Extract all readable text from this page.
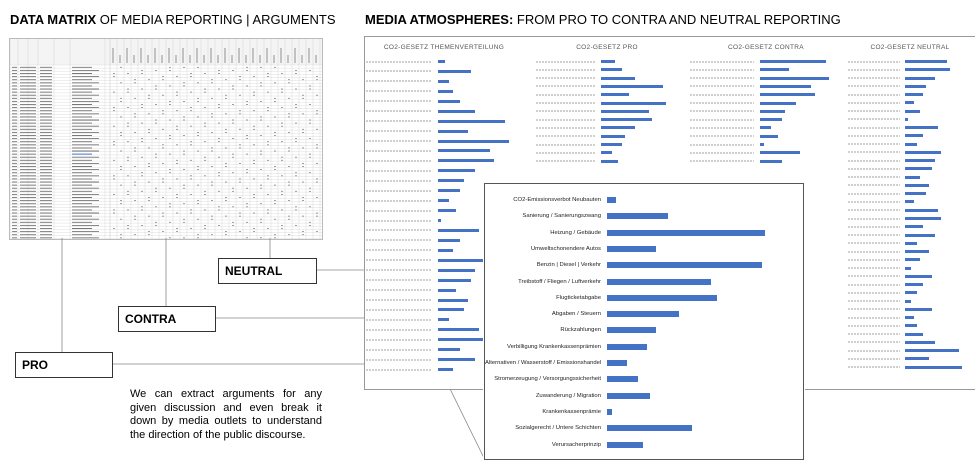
DATA MATRIX OF MEDIA REPORTING | ARGUMENTS MEDIA ATMOSPHERES: FROM PRO TO CONTRA AND NEUTRAL REPORTING
NEUTRAL
CONTRA
PRO
We can extract arguments for any given discussion and even break it down by media outlets to understand the direction of the public discourse.
CO2-GESETZ THEMENVERTEILUNG	CO2-GESETZ PRO	CO2-GESETZ CONTRA	CO2-GESETZ NEUTRAL
CO2-Emissionsverbot Neubauten
Sanierung / Sanierungszwang
Heizung / Gebäude
Umweltschonendere Autos
Benzin | Diesel | Verkehr
Treibstoff / Fliegen / Luftverkehr
Flugticketabgabe
Abgaben / Steuern
Rückzahlungen
Verbilligung Krankenkassenprämien
Alternativen / Wasserstoff / Emissionshandel
Stromerzeugung / Versorgungssicherheit
Zuwanderung / Migration
Krankenkassenprämie
Sozialgerecht / Untere Schichten
Verursacherprinzip
